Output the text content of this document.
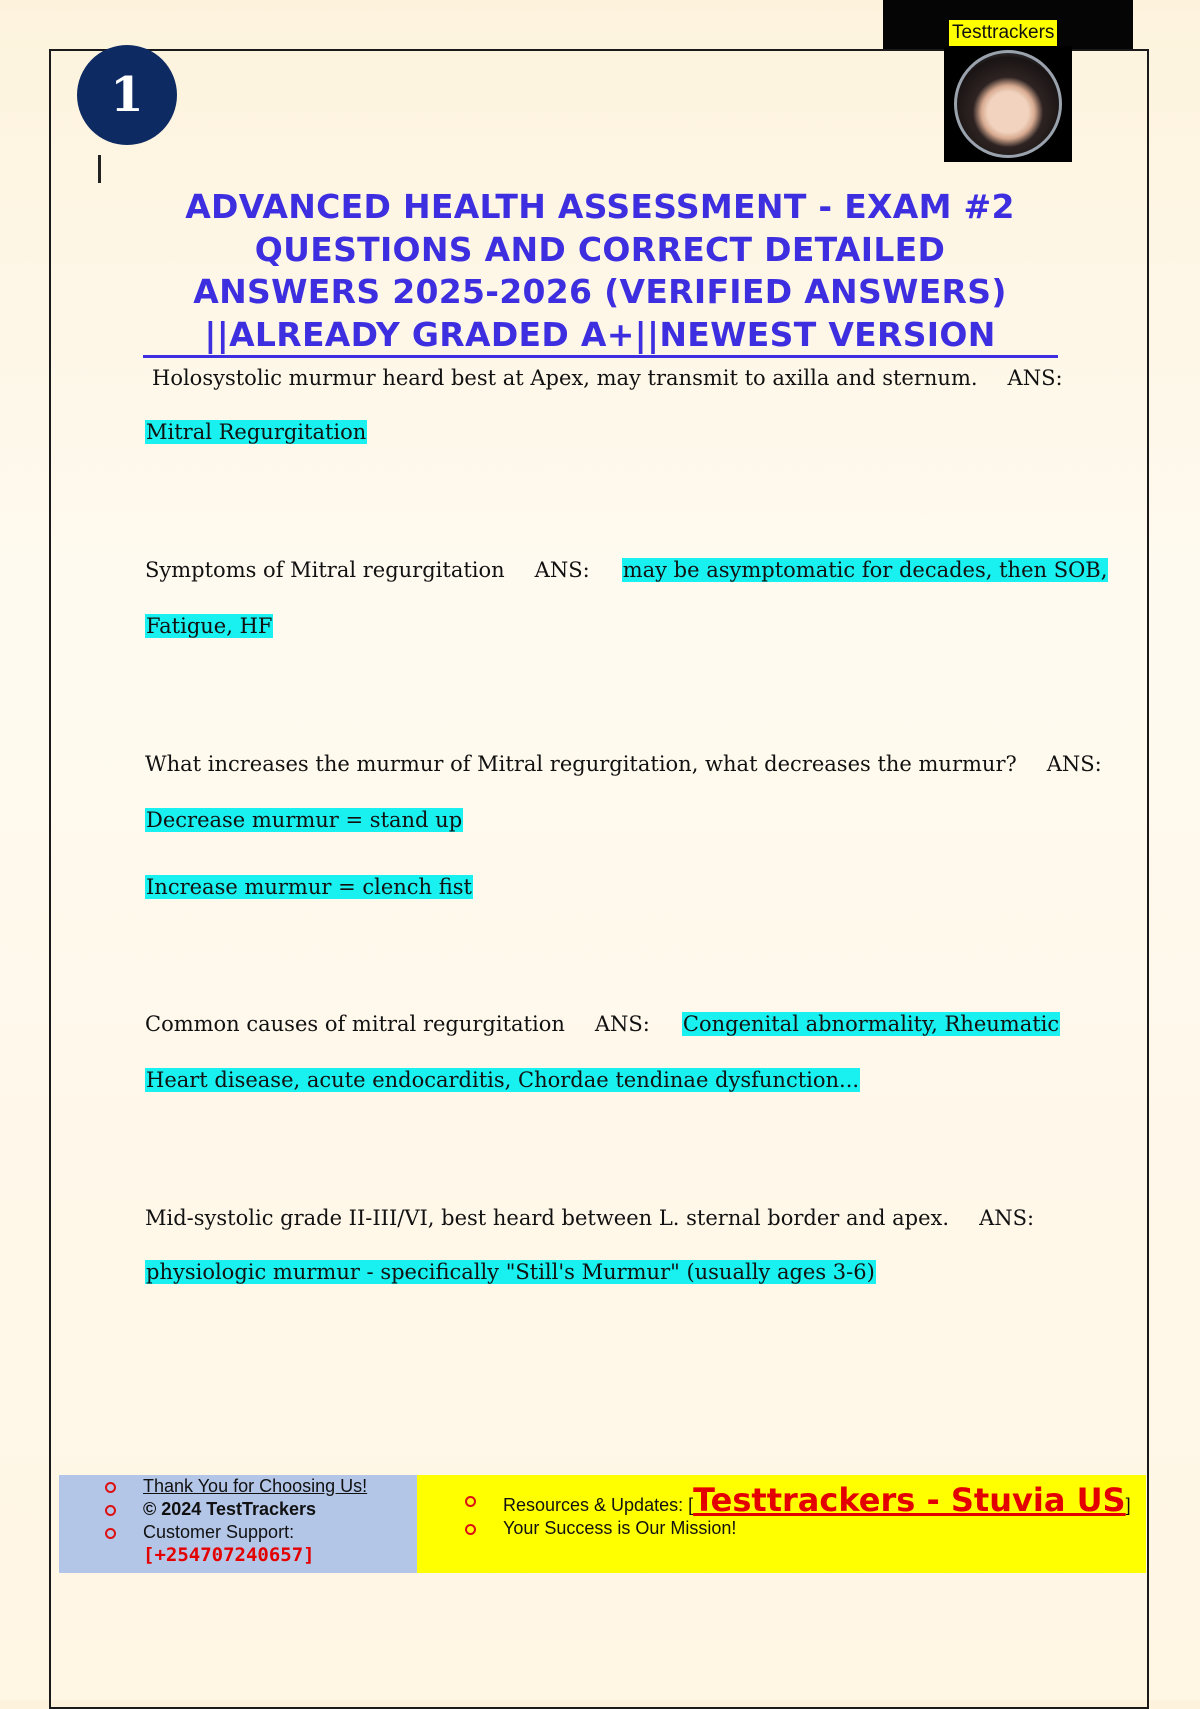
Testtrackers
1
ADVANCED HEALTH ASSESSMENT - EXAM #2
QUESTIONS AND CORRECT DETAILED
ANSWERS 2025-2026 (VERIFIED ANSWERS)
||ALREADY GRADED A+||NEWEST VERSION
Holosystolic murmur heard best at Apex, may transmit to axilla and sternum. ANS:
Mitral Regurgitation
Symptoms of Mitral regurgitation ANS: may be asymptomatic for decades, then SOB,
Fatigue, HF
What increases the murmur of Mitral regurgitation, what decreases the murmur? ANS:
Decrease murmur = stand up
Increase murmur = clench fist
Common causes of mitral regurgitation ANS: Congenital abnormality, Rheumatic
Heart disease, acute endocarditis, Chordae tendinae dysfunction...
Mid-systolic grade II-III/VI, best heard between L. sternal border and apex. ANS:
physiologic murmur - specifically "Still's Murmur" (usually ages 3-6)
Thank You for Choosing Us!
© 2024 TestTrackers
Customer Support:
[+254707240657]
Resources & Updates: [Testtrackers - Stuvia US]
Your Success is Our Mission!
